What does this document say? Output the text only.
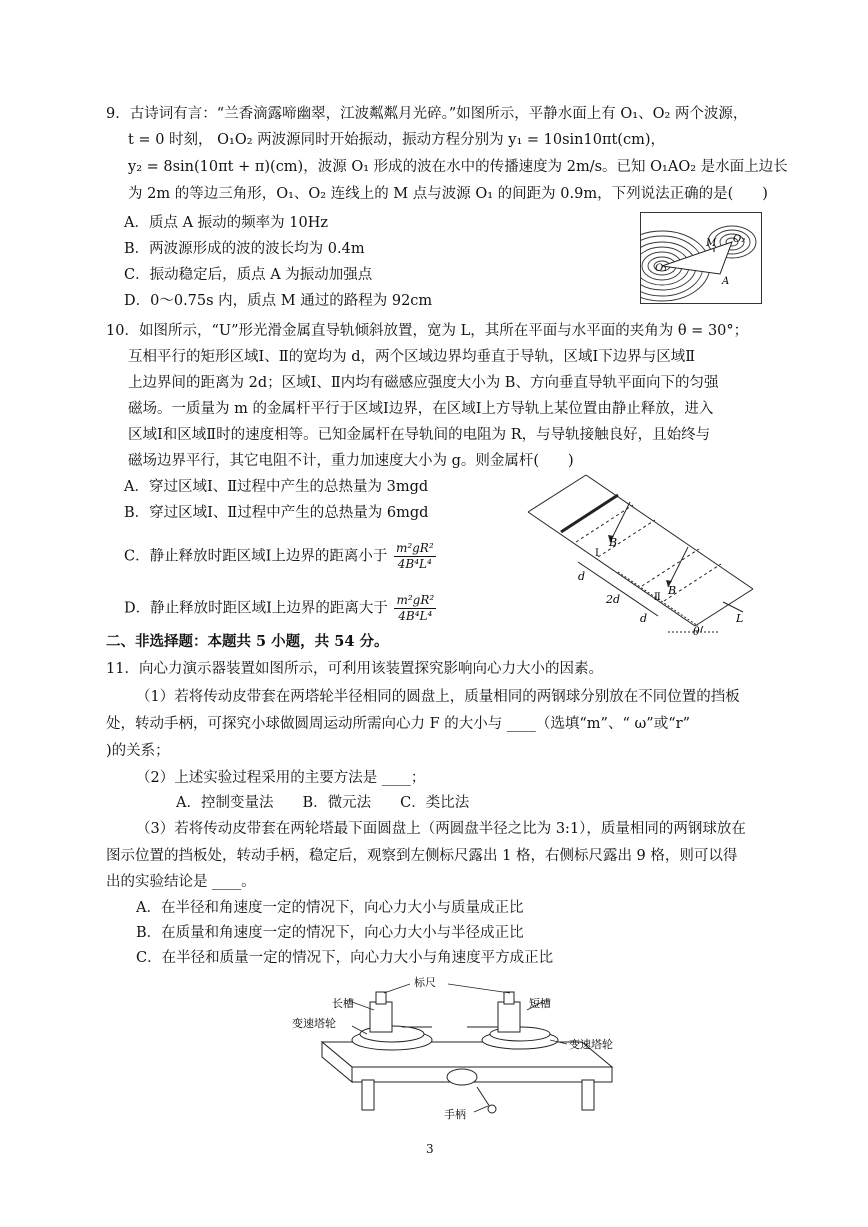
9．古诗词有言：“兰香滴露啼幽翠，江波粼粼月光碎。”如图所示，平静水面上有 O₁、O₂ 两个波源，
t = 0 时刻， O₁O₂ 两波源同时开始振动，振动方程分别为 y₁ = 10sin10πt(cm)，
y₂ = 8sin(10πt + π)(cm)，波源 O₁ 形成的波在水中的传播速度为 2m/s。已知 O₁AO₂ 是水面上边长
为 2m 的等边三角形，O₁、O₂ 连线上的 M 点与波源 O₁ 的间距为 0.9m，下列说法正确的是(　　)
A．质点 A 振动的频率为 10Hz
B．两波源形成的波的波长均为 0.4m
C．振动稳定后，质点 A 为振动加强点
D．0～0.75s 内，质点 M 通过的路程为 92cm
O₁
O₂
M
A
10．如图所示，“U”形光滑金属直导轨倾斜放置，宽为 L，其所在平面与水平面的夹角为 θ = 30°；
互相平行的矩形区域Ⅰ、Ⅱ的宽均为 d，两个区域边界均垂直于导轨，区域Ⅰ下边界与区域Ⅱ
上边界间的距离为 2d；区域Ⅰ、Ⅱ内均有磁感应强度大小为 B、方向垂直导轨平面向下的匀强
磁场。一质量为 m 的金属杆平行于区域Ⅰ边界，在区域Ⅰ上方导轨上某位置由静止释放，进入
区域Ⅰ和区域Ⅱ时的速度相等。已知金属杆在导轨间的电阻为 R，与导轨接触良好，且始终与
磁场边界平行，其它电阻不计，重力加速度大小为 g。则金属杆(　　)
A．穿过区域Ⅰ、Ⅱ过程中产生的总热量为 3mgd
B．穿过区域Ⅰ、Ⅱ过程中产生的总热量为 6mgd
C．静止释放时距区域Ⅰ上边界的距离小于 $\frac{\text{m²gR²}}{\text{4B⁴L⁴}}$
D．静止释放时距区域Ⅰ上边界的距离大于 $\frac{\text{m²gR²}}{\text{4B⁴L⁴}}$
B
B
Ⅰ
Ⅱ
d
2d
d
θ
L
二、非选择题：本题共 5 小题，共 54 分。
11．向心力演示器装置如图所示，可利用该装置探究影响向心力大小的因素。
（1）若将传动皮带套在两塔轮半径相同的圆盘上，质量相同的两钢球分别放在不同位置的挡板
处，转动手柄，可探究小球做圆周运动所需向心力 F 的大小与 ____（选填“m”、“ ω”或“r”
)的关系；
（2）上述实验过程采用的主要方法是 ____；
A．控制变量法　　B．微元法　　C．类比法
（3）若将传动皮带套在两轮塔最下面圆盘上（两圆盘半径之比为 3:1），质量相同的两钢球放在
图示位置的挡板处，转动手柄，稳定后，观察到左侧标尺露出 1 格，右侧标尺露出 9 格，则可以得
出的实验结论是 ____。
A．在半径和角速度一定的情况下，向心力大小与质量成正比
B．在质量和角速度一定的情况下，向心力大小与半径成正比
C．在半径和质量一定的情况下，向心力大小与角速度平方成正比
标尺
长槽	短槽
变速塔轮
变速塔轮
手柄
3
